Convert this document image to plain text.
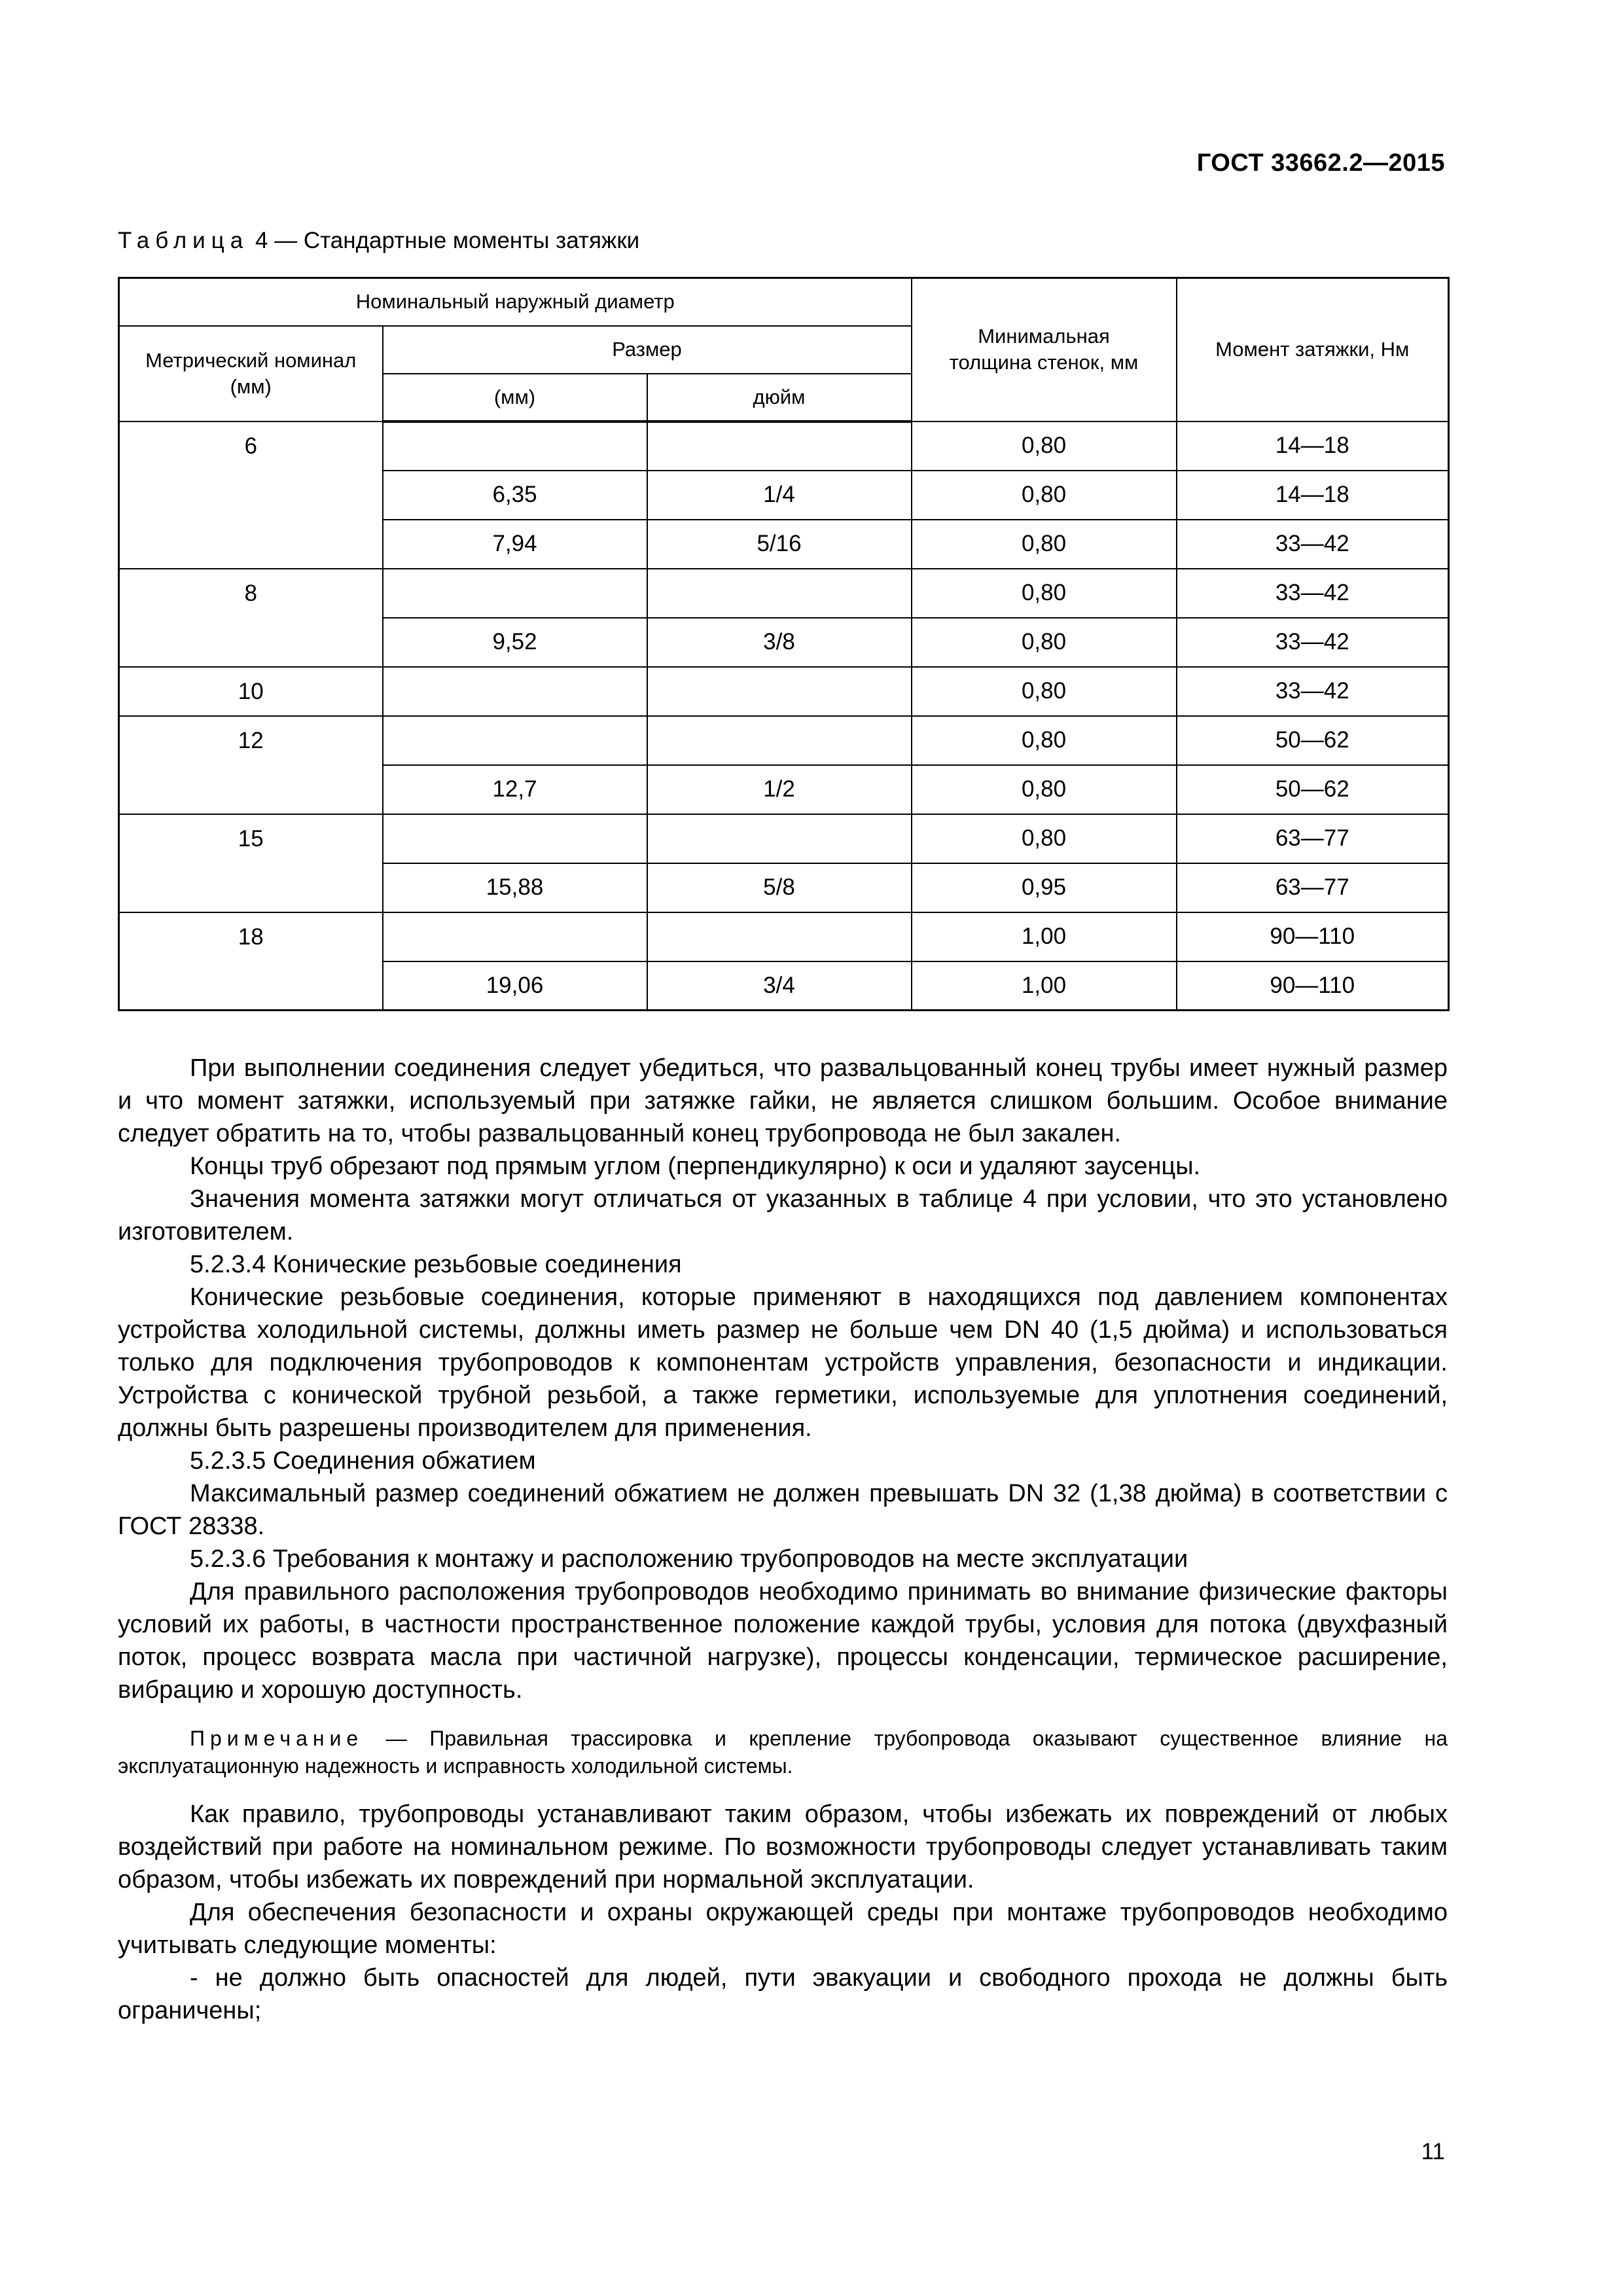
ГОСТ 33662.2—2015
Таблица 4 — Стандартные моменты затяжки
Номинальный наружный диаметр			Минимальная толщина стенок, мм	Момент затяжки, Нм
Метрический номинал (мм)	Размер			
	(мм)	дюйм		
6			0,80	14—18
	6,35	1/4	0,80	14—18
	7,94	5/16	0,80	33—42
8			0,80	33—42
	9,52	3/8	0,80	33—42
10			0,80	33—42
12			0,80	50—62
	12,7	1/2	0,80	50—62
15			0,80	63—77
	15,88	5/8	0,95	63—77
18			1,00	90—110
	19,06	3/4	1,00	90—110

При выполнении соединения следует убедиться, что развальцованный конец трубы имеет нужный размер и что момент затяжки, используемый при затяжке гайки, не является слишком большим. Особое внимание следует обратить на то, чтобы развальцованный конец трубопровода не был закален.

Концы труб обрезают под прямым углом (перпендикулярно) к оси и удаляют заусенцы.

Значения момента затяжки могут отличаться от указанных в таблице 4 при условии, что это установлено изготовителем.

5.2.3.4 Конические резьбовые соединения

Конические резьбовые соединения, которые применяют в находящихся под давлением компонентах устройства холодильной системы, должны иметь размер не больше чем DN 40 (1,5 дюйма) и использоваться только для подключения трубопроводов к компонентам устройств управления, безопасности и индикации. Устройства с конической трубной резьбой, а также герметики, используемые для уплотнения соединений, должны быть разрешены производителем для применения.

5.2.3.5 Соединения обжатием

Максимальный размер соединений обжатием не должен превышать DN 32 (1,38 дюйма) в соответствии с ГОСТ 28338.

5.2.3.6 Требования к монтажу и расположению трубопроводов на месте эксплуатации

Для правильного расположения трубопроводов необходимо принимать во внимание физические факторы условий их работы, в частности пространственное положение каждой трубы, условия для потока (двухфазный поток, процесс возврата масла при частичной нагрузке), процессы конденсации, термическое расширение, вибрацию и хорошую доступность.

Примечание — Правильная трассировка и крепление трубопровода оказывают существенное влияние на эксплуатационную надежность и исправность холодильной системы.

Как правило, трубопроводы устанавливают таким образом, чтобы избежать их повреждений от любых воздействий при работе на номинальном режиме. По возможности трубопроводы следует устанавливать таким образом, чтобы избежать их повреждений при нормальной эксплуатации.

Для обеспечения безопасности и охраны окружающей среды при монтаже трубопроводов необходимо учитывать следующие моменты:

- не должно быть опасностей для людей, пути эвакуации и свободного прохода не должны быть ограничены;

11
